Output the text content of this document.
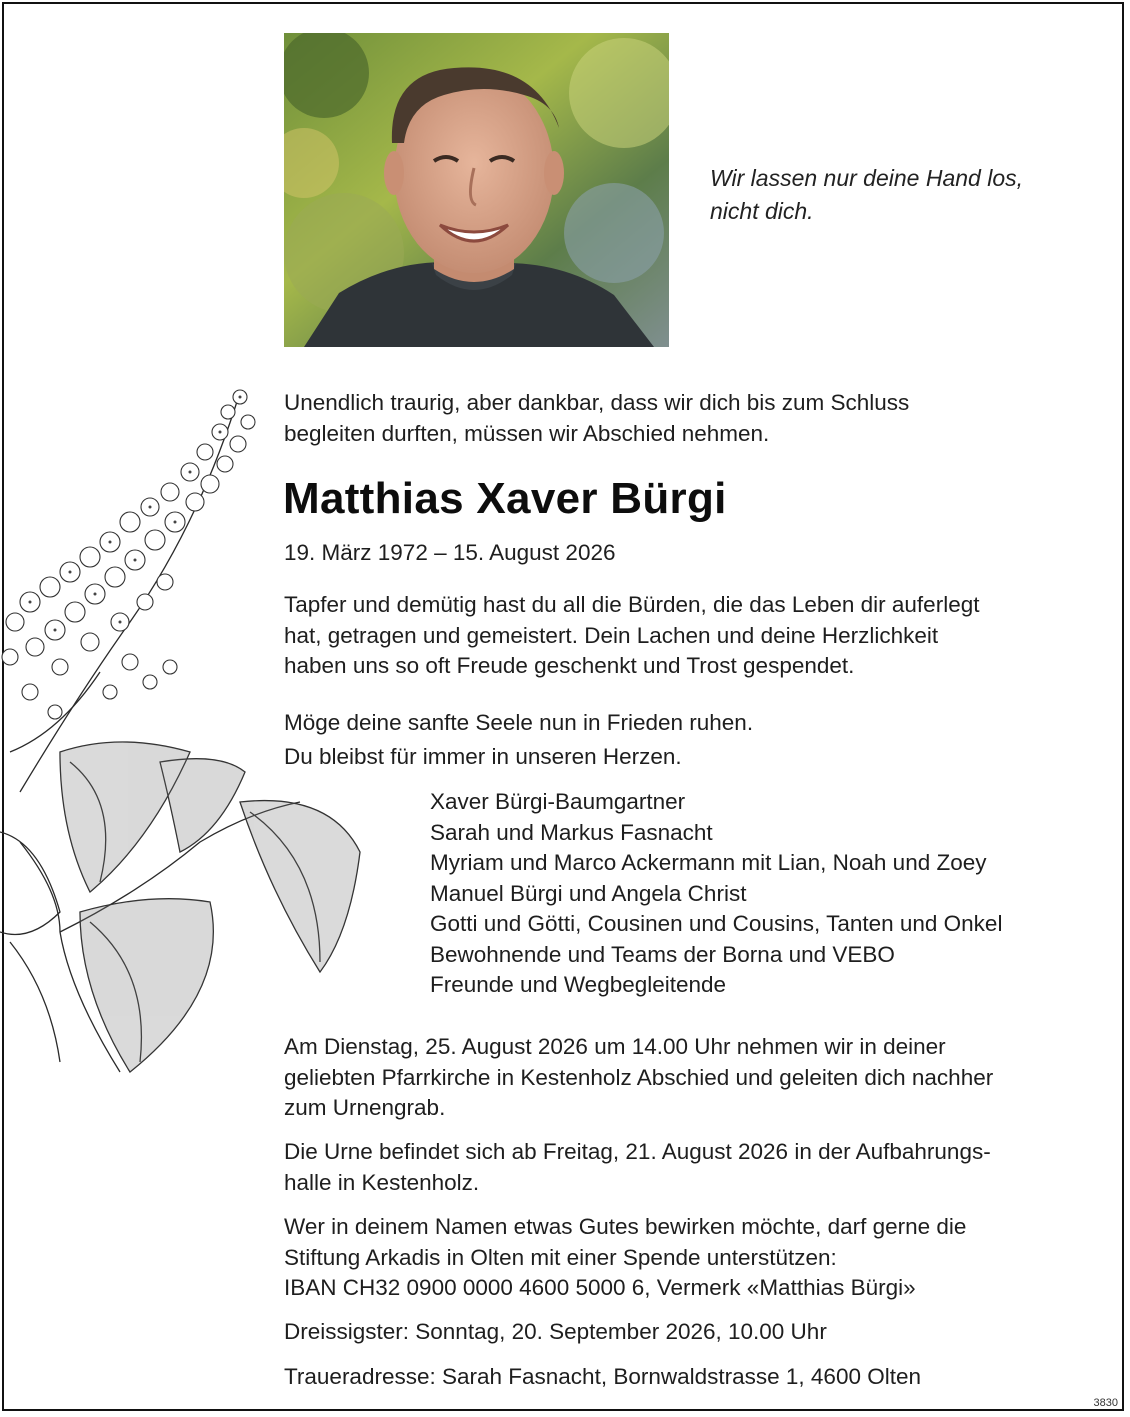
Wir lassen nur deine Hand los,
nicht dich.
Unendlich traurig, aber dankbar, dass wir dich bis zum Schluss
begleiten durften, müssen wir Abschied nehmen.
Matthias Xaver Bürgi
19. März 1972 – 15. August 2026
Tapfer und demütig hast du all die Bürden, die das Leben dir auferlegt
hat, getragen und gemeistert. Dein Lachen und deine Herzlichkeit
haben uns so oft Freude geschenkt und Trost gespendet.
Möge deine sanfte Seele nun in Frieden ruhen.
Du bleibst für immer in unseren Herzen.
Xaver Bürgi-Baumgartner
Sarah und Markus Fasnacht
Myriam und Marco Ackermann mit Lian, Noah und Zoey
Manuel Bürgi und Angela Christ
Gotti und Götti, Cousinen und Cousins, Tanten und Onkel
Bewohnende und Teams der Borna und VEBO
Freunde und Wegbegleitende
Am Dienstag, 25. August 2026 um 14.00 Uhr nehmen wir in deiner
geliebten Pfarrkirche in Kestenholz Abschied und geleiten dich nachher
zum Urnengrab.
Die Urne befindet sich ab Freitag, 21. August 2026 in der Aufbahrungs-
halle in Kestenholz.
Wer in deinem Namen etwas Gutes bewirken möchte, darf gerne die
Stiftung Arkadis in Olten mit einer Spende unterstützen:
IBAN CH32 0900 0000 4600 5000 6, Vermerk «Matthias Bürgi»
Dreissigster: Sonntag, 20. September 2026, 10.00 Uhr
Traueradresse: Sarah Fasnacht, Bornwaldstrasse 1, 4600 Olten
3830
